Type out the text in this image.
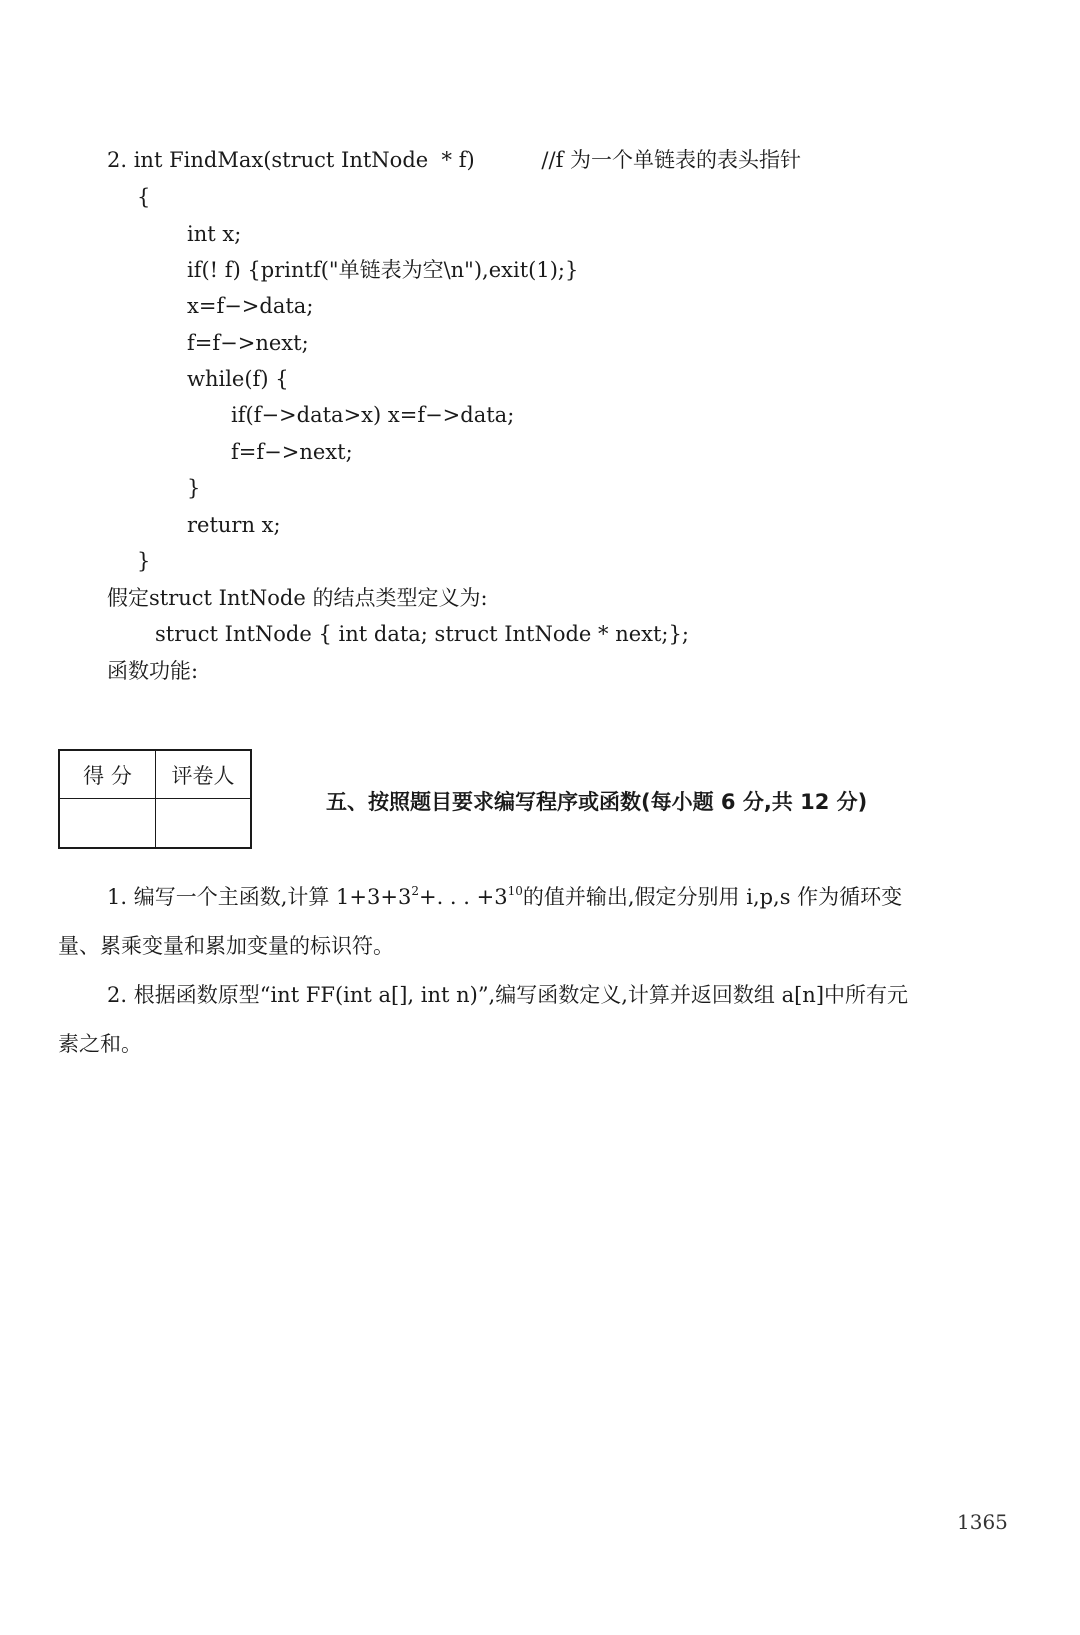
2. int FindMax(struct IntNode  * f)          //f 为一个单链表的表头指针
{
int x;
if(! f) {printf("单链表为空\n"),exit(1);}
x=f−>data;
f=f−>next;
while(f) {
if(f−>data>x) x=f−>data;
f=f−>next;
}
return x;
}
假定struct IntNode 的结点类型定义为:
struct IntNode { int data; struct IntNode * next;};
函数功能:
得 分	评卷人
五、按照题目要求编写程序或函数(每小题 6 分,共 12 分)
1. 编写一个主函数,计算 $1+3+3^2+$. . . $+3^{10}$的值并输出,假定分别用 i,p,s 作为循环变
量、累乘变量和累加变量的标识符。
2. 根据函数原型“int FF(int a[], int n)”,编写函数定义,计算并返回数组 a[n]中所有元
素之和。
1365
